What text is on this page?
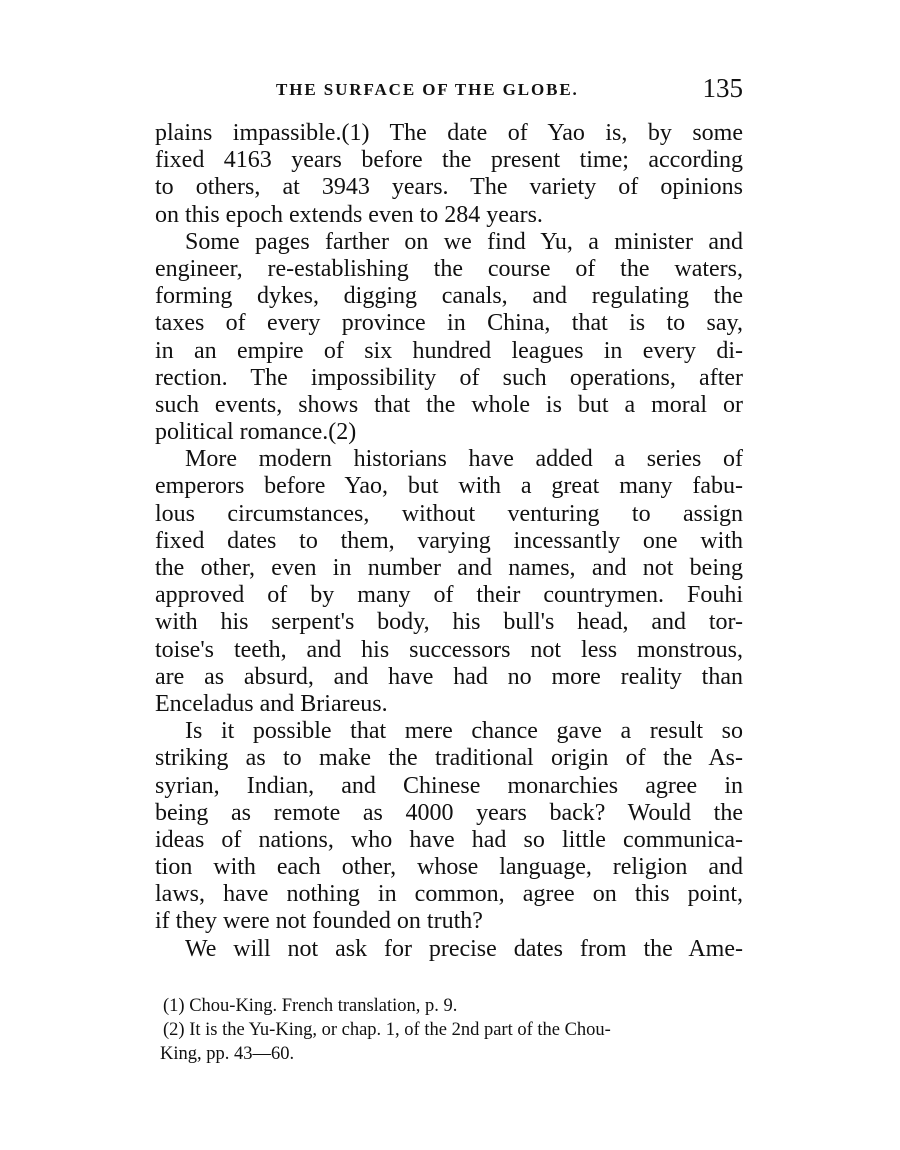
THE SURFACE OF THE GLOBE.	135
plains impassible.(1) The date of Yao is, by some
fixed 4163 years before the present time; according
to others, at 3943 years. The variety of opinions
on this epoch extends even to 284 years.
Some pages farther on we find Yu, a minister and
engineer, re-establishing the course of the waters,
forming dykes, digging canals, and regulating the
taxes of every province in China, that is to say,
in an empire of six hundred leagues in every di-
rection. The impossibility of such operations, after
such events, shows that the whole is but a moral or
political romance.(2)
More modern historians have added a series of
emperors before Yao, but with a great many fabu-
lous circumstances, without venturing to assign
fixed dates to them, varying incessantly one with
the other, even in number and names, and not being
approved of by many of their countrymen. Fouhi
with his serpent's body, his bull's head, and tor-
toise's teeth, and his successors not less monstrous,
are as absurd, and have had no more reality than
Enceladus and Briareus.
Is it possible that mere chance gave a result so
striking as to make the traditional origin of the As-
syrian, Indian, and Chinese monarchies agree in
being as remote as 4000 years back? Would the
ideas of nations, who have had so little communica-
tion with each other, whose language, religion and
laws, have nothing in common, agree on this point,
if they were not founded on truth?
We will not ask for precise dates from the Ame-
(1) Chou-King. French translation, p. 9.
(2) It is the Yu-King, or chap. 1, of the 2nd part of the Chou-
King, pp. 43—60.
